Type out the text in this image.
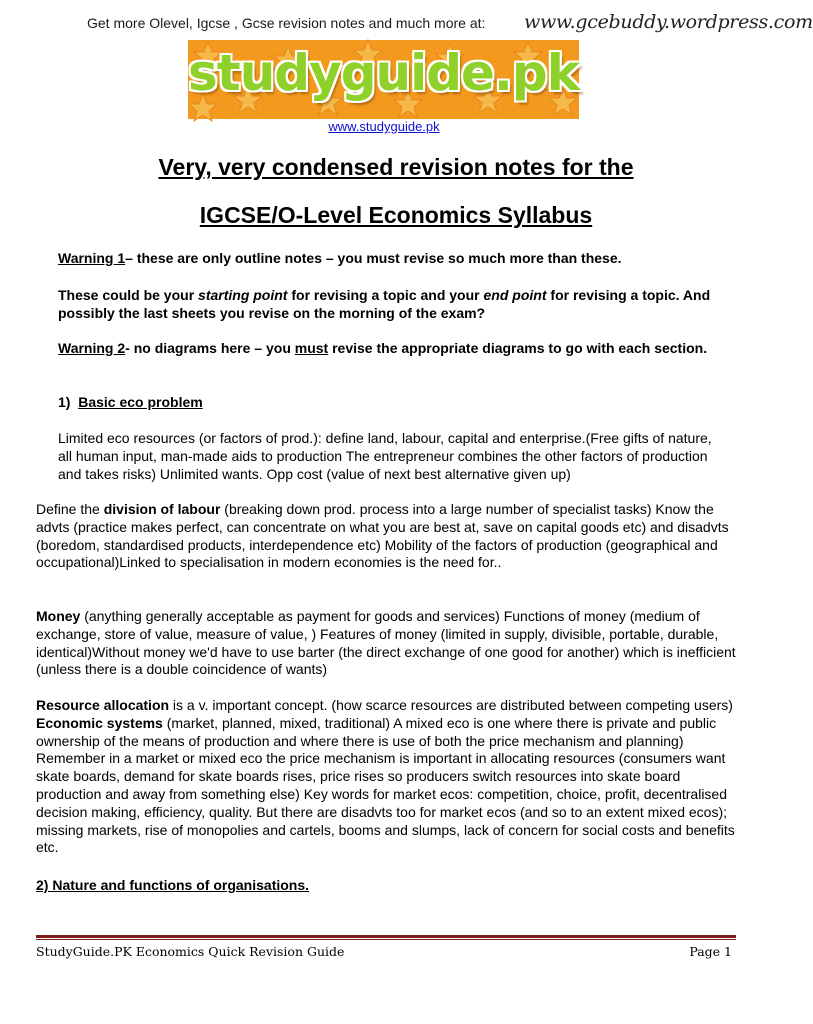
Get more Olevel, Igcse , Gcse revision notes and much more at: www.gcebuddy.wordpress.com
studyguide.pk
www.studyguide.pk
Very, very condensed revision notes for the
IGCSE/O-Level Economics Syllabus
Warning 1– these are only outline notes – you must revise so much more than these.
These could be your starting point for revising a topic and your end point for revising a topic. And possibly the last sheets you revise on the morning of the exam?
Warning 2- no diagrams here – you must revise the appropriate diagrams to go with each section.
1) Basic eco problem
Limited eco resources (or factors of prod.): define land, labour, capital and enterprise.(Free gifts of nature, all human input, man-made aids to production The entrepreneur combines the other factors of production and takes risks) Unlimited wants. Opp cost (value of next best alternative given up)
Define the division of labour (breaking down prod. process into a large number of specialist tasks) Know the advts (practice makes perfect, can concentrate on what you are best at, save on capital goods etc) and disadvts (boredom, standardised products, interdependence etc) Mobility of the factors of production (geographical and occupational)Linked to specialisation in modern economies is the need for..
Money (anything generally acceptable as payment for goods and services) Functions of money (medium of exchange, store of value, measure of value, ) Features of money (limited in supply, divisible, portable, durable, identical)Without money we'd have to use barter (the direct exchange of one good for another) which is inefficient (unless there is a double coincidence of wants)
Resource allocation is a v. important concept. (how scarce resources are distributed between competing users) Economic systems (market, planned, mixed, traditional) A mixed eco is one where there is private and public ownership of the means of production and where there is use of both the price mechanism and planning) Remember in a market or mixed eco the price mechanism is important in allocating resources (consumers want skate boards, demand for skate boards rises, price rises so producers switch resources into skate board production and away from something else) Key words for market ecos: competition, choice, profit, decentralised decision making, efficiency, quality. But there are disadvts too for market ecos (and so to an extent mixed ecos); missing markets, rise of monopolies and cartels, booms and slumps, lack of concern for social costs and benefits etc.
2) Nature and functions of organisations.
StudyGuide.PK Economics Quick Revision Guide	Page 1
